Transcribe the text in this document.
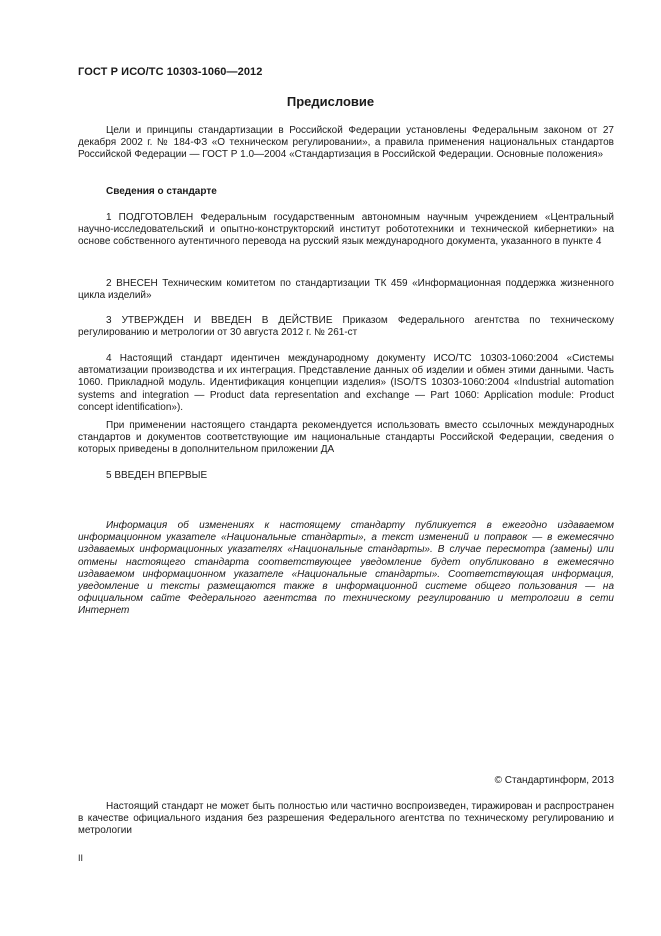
ГОСТ Р ИСО/ТС 10303-1060—2012
Предисловие

Цели и принципы стандартизации в Российской Федерации установлены Федеральным законом от 27 декабря 2002 г. № 184-ФЗ «О техническом регулировании», а правила применения национальных стандартов Российской Федерации — ГОСТ Р 1.0—2004 «Стандартизация в Российской Федерации. Основные положения»

Сведения о стандарте

1 ПОДГОТОВЛЕН Федеральным государственным автономным научным учреждением «Центральный научно-исследовательский и опытно-конструкторский институт робототехники и технической кибернетики» на основе собственного аутентичного перевода на русский язык международного документа, указанного в пункте 4

2 ВНЕСЕН Техническим комитетом по стандартизации ТК 459 «Информационная поддержка жизненного цикла изделий»

3 УТВЕРЖДЕН И ВВЕДЕН В ДЕЙСТВИЕ Приказом Федерального агентства по техническому регулированию и метрологии от 30 августа 2012 г. № 261-ст

4 Настоящий стандарт идентичен международному документу ИСО/ТС 10303-1060:2004 «Системы автоматизации производства и их интеграция. Представление данных об изделии и обмен этими данными. Часть 1060. Прикладной модуль. Идентификация концепции изделия» (ISO/TS 10303-1060:2004 «Industrial automation systems and integration — Product data representation and exchange — Part 1060: Application module: Product concept identification»).

При применении настоящего стандарта рекомендуется использовать вместо ссылочных международных стандартов и документов соответствующие им национальные стандарты Российской Федерации, сведения о которых приведены в дополнительном приложении ДА

5 ВВЕДЕН ВПЕРВЫЕ

Информация об изменениях к настоящему стандарту публикуется в ежегодно издаваемом информационном указателе «Национальные стандарты», а текст изменений и поправок — в ежемесячно издаваемых информационных указателях «Национальные стандарты». В случае пересмотра (замены) или отмены настоящего стандарта соответствующее уведомление будет опубликовано в ежемесячно издаваемом информационном указателе «Национальные стандарты». Соответствующая информация, уведомление и тексты размещаются также в информационной системе общего пользования — на официальном сайте Федерального агентства по техническому регулированию и метрологии в сети Интернет

© Стандартинформ, 2013

Настоящий стандарт не может быть полностью или частично воспроизведен, тиражирован и распространен в качестве официального издания без разрешения Федерального агентства по техническому регулированию и метрологии

II
